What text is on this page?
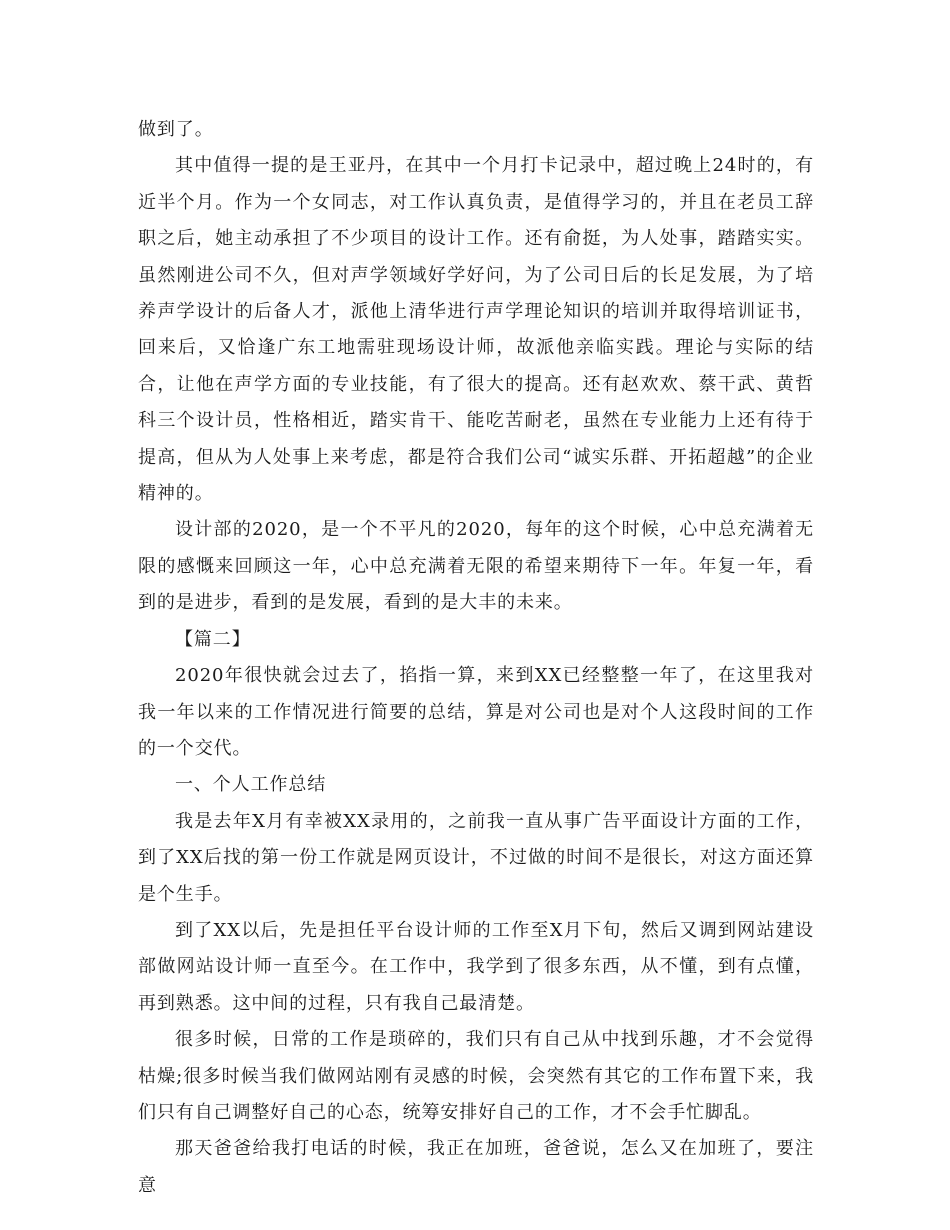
做到了。

其中值得一提的是王亚丹，在其中一个月打卡记录中，超过晚上24时的，有近半个月。作为一个女同志，对工作认真负责，是值得学习的，并且在老员工辞职之后，她主动承担了不少项目的设计工作。还有俞挺，为人处事，踏踏实实。虽然刚进公司不久，但对声学领域好学好问，为了公司日后的长足发展，为了培养声学设计的后备人才，派他上清华进行声学理论知识的培训并取得培训证书，回来后，又恰逢广东工地需驻现场设计师，故派他亲临实践。理论与实际的结合，让他在声学方面的专业技能，有了很大的提高。还有赵欢欢、蔡干武、黄哲科三个设计员，性格相近，踏实肯干、能吃苦耐老，虽然在专业能力上还有待于提高，但从为人处事上来考虑，都是符合我们公司“诚实乐群、开拓超越”的企业精神的。

设计部的2020，是一个不平凡的2020，每年的这个时候，心中总充满着无限的感慨来回顾这一年，心中总充满着无限的希望来期待下一年。年复一年，看到的是进步，看到的是发展，看到的是大丰的未来。

【篇二】

2020年很快就会过去了，掐指一算，来到XX已经整整一年了，在这里我对我一年以来的工作情况进行简要的总结，算是对公司也是对个人这段时间的工作的一个交代。

一、个人工作总结

我是去年X月有幸被XX录用的，之前我一直从事广告平面设计方面的工作，到了XX后找的第一份工作就是网页设计，不过做的时间不是很长，对这方面还算是个生手。

到了XX以后，先是担任平台设计师的工作至X月下旬，然后又调到网站建设部做网站设计师一直至今。在工作中，我学到了很多东西，从不懂，到有点懂，再到熟悉。这中间的过程，只有我自己最清楚。

很多时候，日常的工作是琐碎的，我们只有自己从中找到乐趣，才不会觉得枯燥;很多时候当我们做网站刚有灵感的时候，会突然有其它的工作布置下来，我们只有自己调整好自己的心态，统筹安排好自己的工作，才不会手忙脚乱。

那天爸爸给我打电话的时候，我正在加班，爸爸说，怎么又在加班了，要注意
